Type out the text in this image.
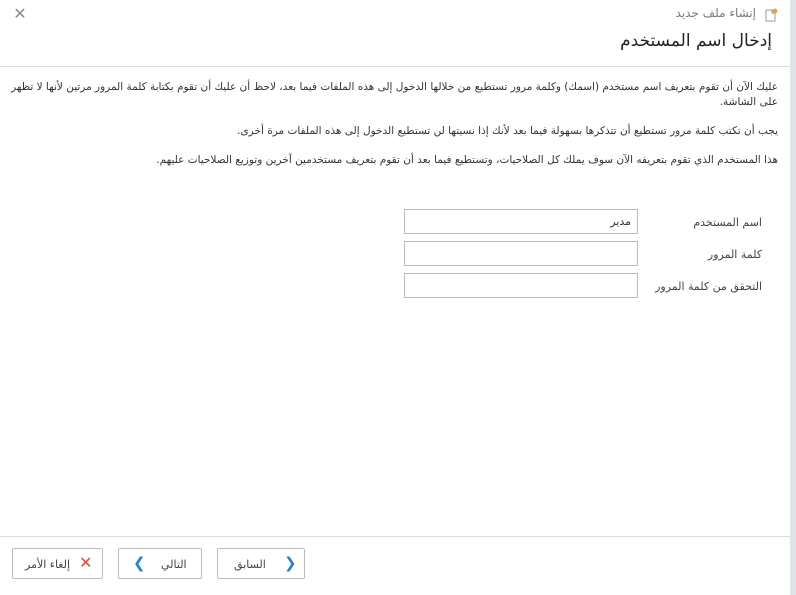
إنشاء ملف جديد
✕
إدخال اسم المستخدم

عليك الآن أن تقوم بتعريف اسم مستخدم (اسمك) وكلمة مرور تستطيع من خلالها الدخول إلى هذه الملفات فيما بعد، لاحظ أن عليك أن تقوم بكتابة كلمة المرور مرتين لأنها لا تظهر على الشاشة.

يجب أن تكتب كلمة مرور تستطيع أن تتذكرها بسهولة فيما بعد لأنك إذا نسيتها لن تستطيع الدخول إلى هذه الملفات مرة أخرى.

هذا المستخدم الذي تقوم بتعريفه الآن سوف يملك كل الصلاحيات، وتستطيع فيما بعد أن تقوم بتعريف مستخدمين آخرين وتوزيع الصلاحيات عليهم.

اسم المستخدم
مدير
كلمة المرور
التحقق من كلمة المرور
إلغاء الأمر ✕	❮ التالي	السابق ❯
